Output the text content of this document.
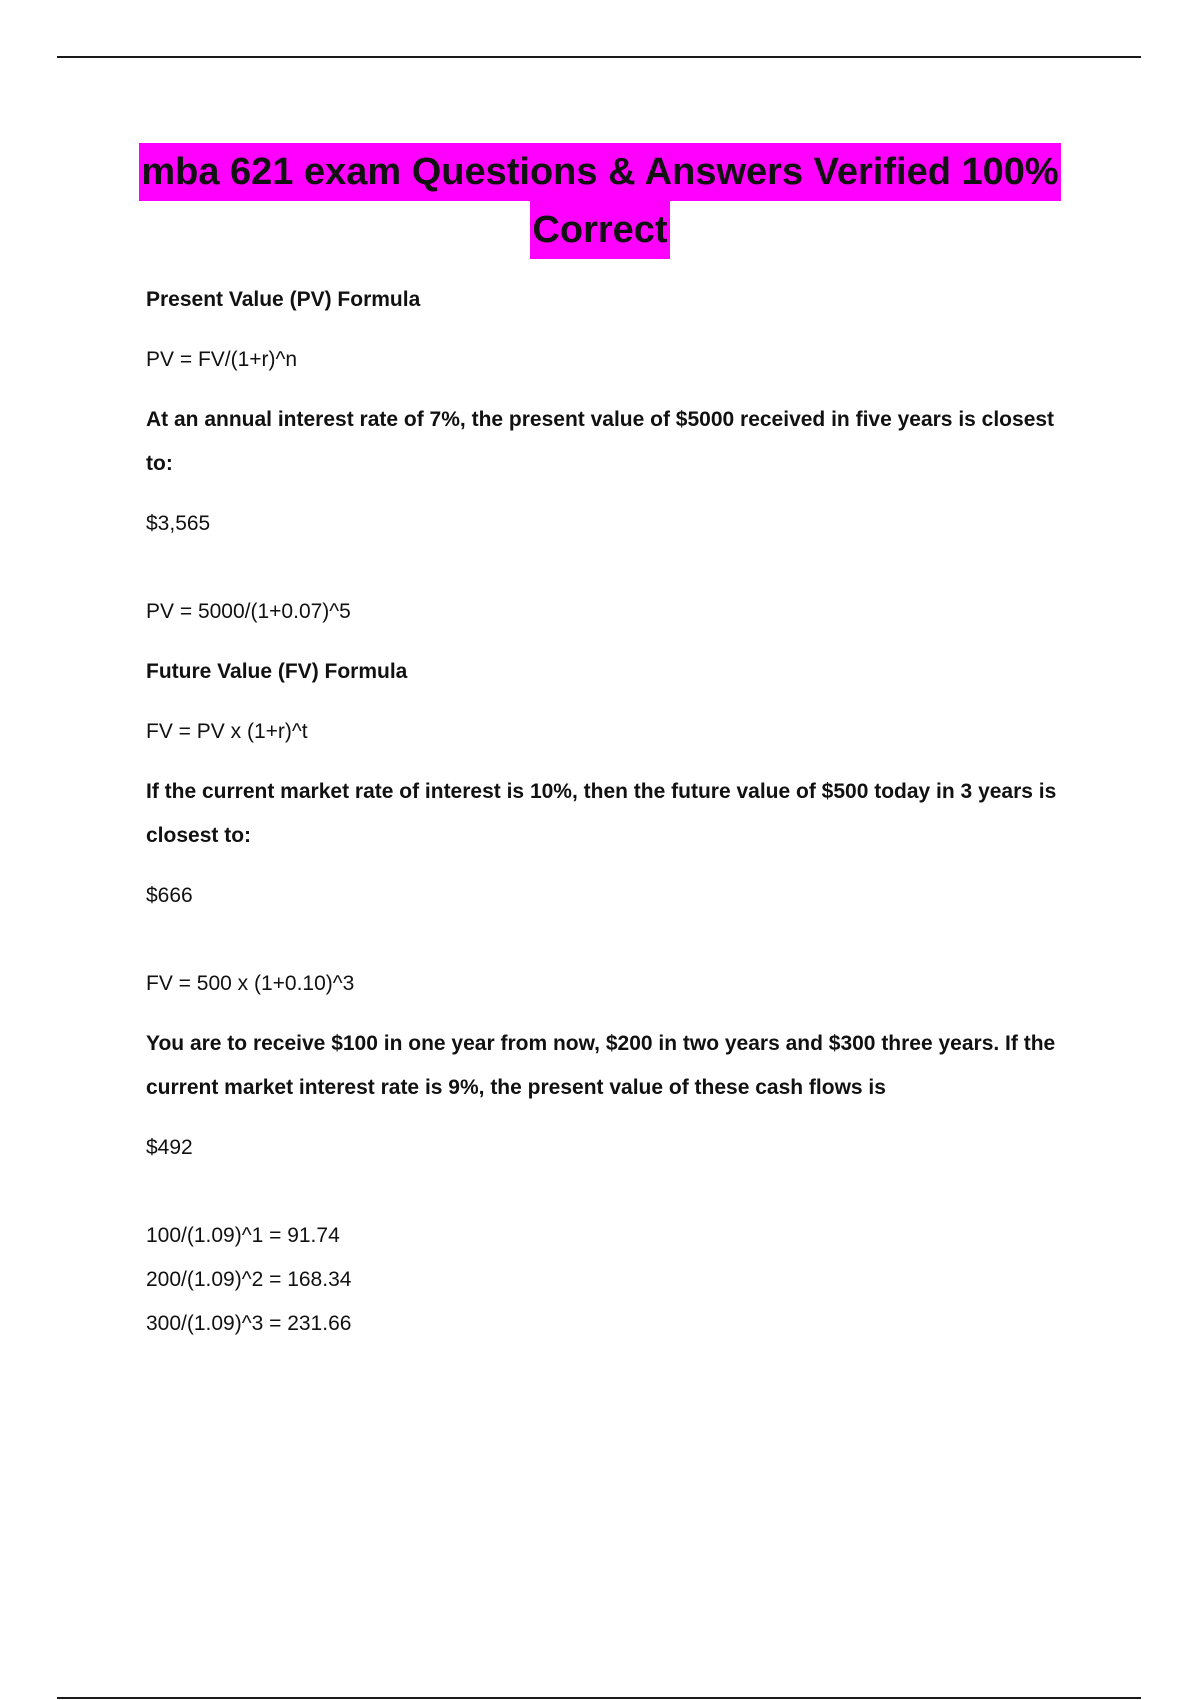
mba 621 exam Questions & Answers Verified 100%
Correct

Present Value (PV) Formula

PV = FV/(1+r)^n

At an annual interest rate of 7%, the present value of $5000 received in five years is closest

to:

$3,565

PV = 5000/(1+0.07)^5

Future Value (FV) Formula

FV = PV x (1+r)^t

If the current market rate of interest is 10%, then the future value of $500 today in 3 years is

closest to:

$666

FV = 500 x (1+0.10)^3

You are to receive $100 in one year from now, $200 in two years and $300 three years. If the

current market interest rate is 9%, the present value of these cash flows is

$492

100/(1.09)^1 = 91.74

200/(1.09)^2 = 168.34

300/(1.09)^3 = 231.66
